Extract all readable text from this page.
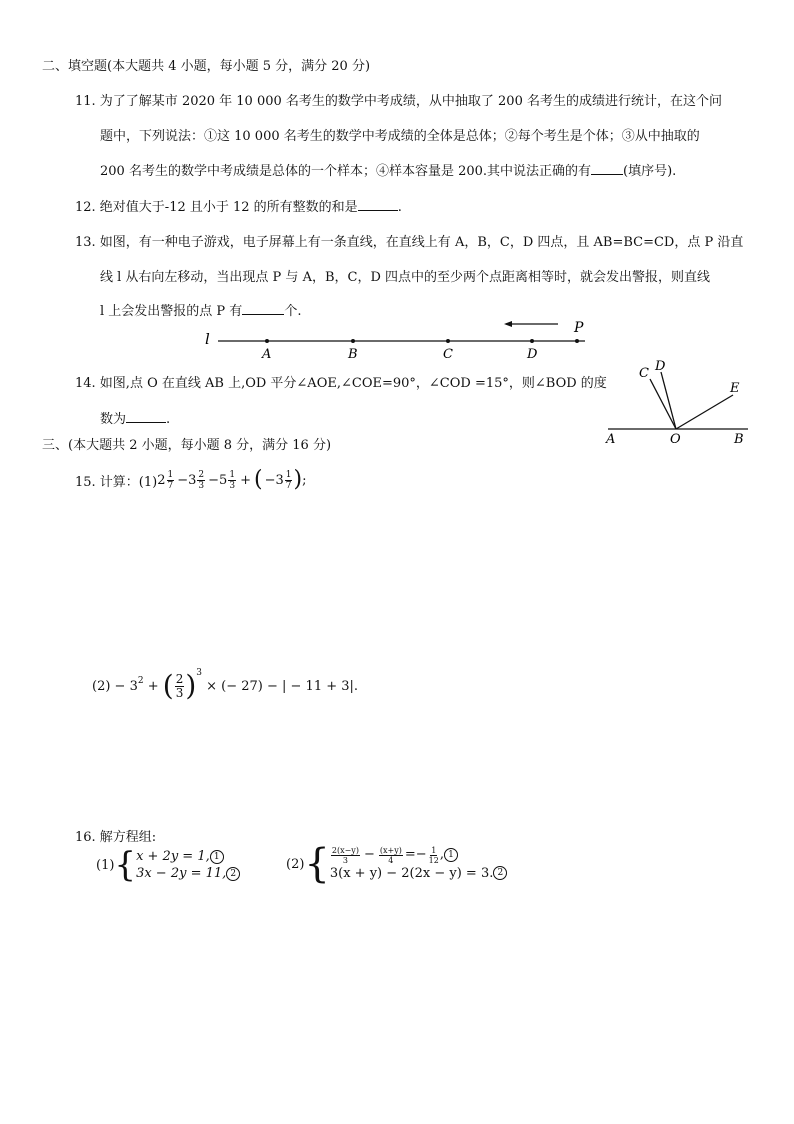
二、填空题(本大题共 4 小题，每小题 5 分，满分 20 分)
11. 为了了解某市 2020 年 10 000 名考生的数学中考成绩，从中抽取了 200 名考生的成绩进行统计，在这个问
题中，下列说法：①这 10 000 名考生的数学中考成绩的全体是总体；②每个考生是个体；③从中抽取的
200 名考生的数学中考成绩是总体的一个样本；④样本容量是 200.其中说法正确的有 (填序号).
12. 绝对值大于-12 且小于 12 的所有整数的和是	.
13. 如图，有一种电子游戏，电子屏幕上有一条直线，在直线上有 A，B，C，D 四点，且 AB=BC=CD，点 P 沿直
线 l 从右向左移动，当出现点 P 与 A，B，C，D 四点中的至少两个点距离相等时，就会发出警报，则直线
l 上会发出警报的点 P 有	个.
l
A	B	C	D
P
14. 如图,点 O 在直线 AB 上,OD 平分∠AOE,∠COE=90°，∠COD =15°，则∠BOD 的度
数为	.
C D
E
A	O	B
三、(本大题共 2 小题，每小题 8 分，满分 16 分)
15. 计算：(1) $2 \frac{1}{7} -3 \frac{2}{3} -5 \frac{1}{3}$ + ( $-3 \frac{1}{7}$ ) ;
$(2) - 3^2$ + ( $\frac{2}{3} )^3$
× (− 27) − | − 11 + 3|.
16. 解方程组:
(1) { x + 2y = 1, 1
3x − 2y = 11, 2
(2) { $\frac{2(x-y)}{3} - \frac{(x+y)}{4} =- \frac{1}{12}$ , 1
3(x + y) − 2(2x − y) = 3. 2
